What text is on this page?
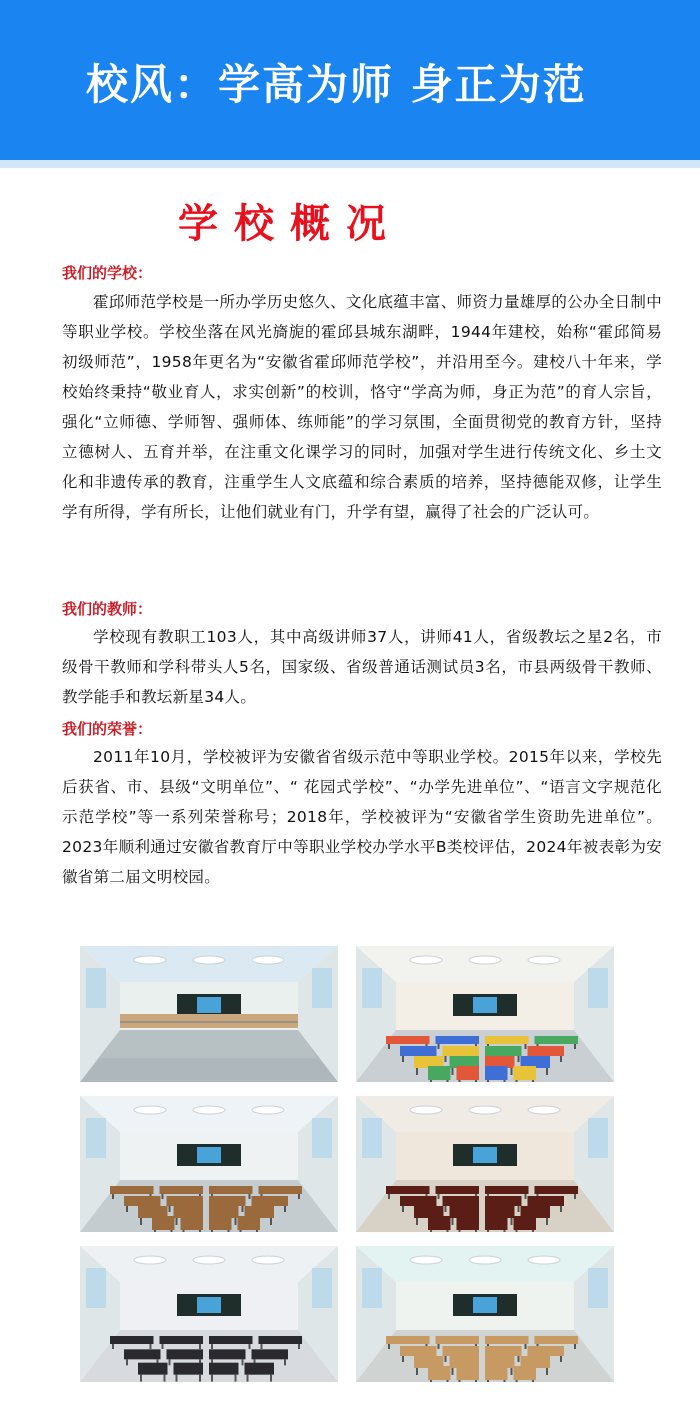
校风：学高为师 身正为范
学校概况
我们的学校：
霍邱师范学校是一所办学历史悠久、文化底蕴丰富、师资力量雄厚的公办全日制中等职业学校。学校坐落在风光旖旎的霍邱县城东湖畔，1944年建校，始称“霍邱简易初级师范”，1958年更名为“安徽省霍邱师范学校”，并沿用至今。建校八十年来，学校始终秉持“敬业育人，求实创新”的校训，恪守“学高为师，身正为范”的育人宗旨，强化“立师德、学师智、强师体、练师能”的学习氛围，全面贯彻党的教育方针，坚持立德树人、五育并举，在注重文化课学习的同时，加强对学生进行传统文化、乡土文化和非遗传承的教育，注重学生人文底蕴和综合素质的培养，坚持德能双修，让学生学有所得，学有所长，让他们就业有门，升学有望，赢得了社会的广泛认可。
我们的教师：
学校现有教职工103人，其中高级讲师37人，讲师41人，省级教坛之星2名，市级骨干教师和学科带头人5名，国家级、省级普通话测试员3名，市县两级骨干教师、教学能手和教坛新星34人。
我们的荣誉：
2011年10月，学校被评为安徽省省级示范中等职业学校。2015年以来，学校先后获省、市、县级“文明单位”、“ 花园式学校”、“办学先进单位”、“语言文字规范化示范学校”等一系列荣誉称号；2018年，学校被评为“安徽省学生资助先进单位”。2023年顺利通过安徽省教育厅中等职业学校办学水平B类校评估，2024年被表彰为安徽省第二届文明校园。
